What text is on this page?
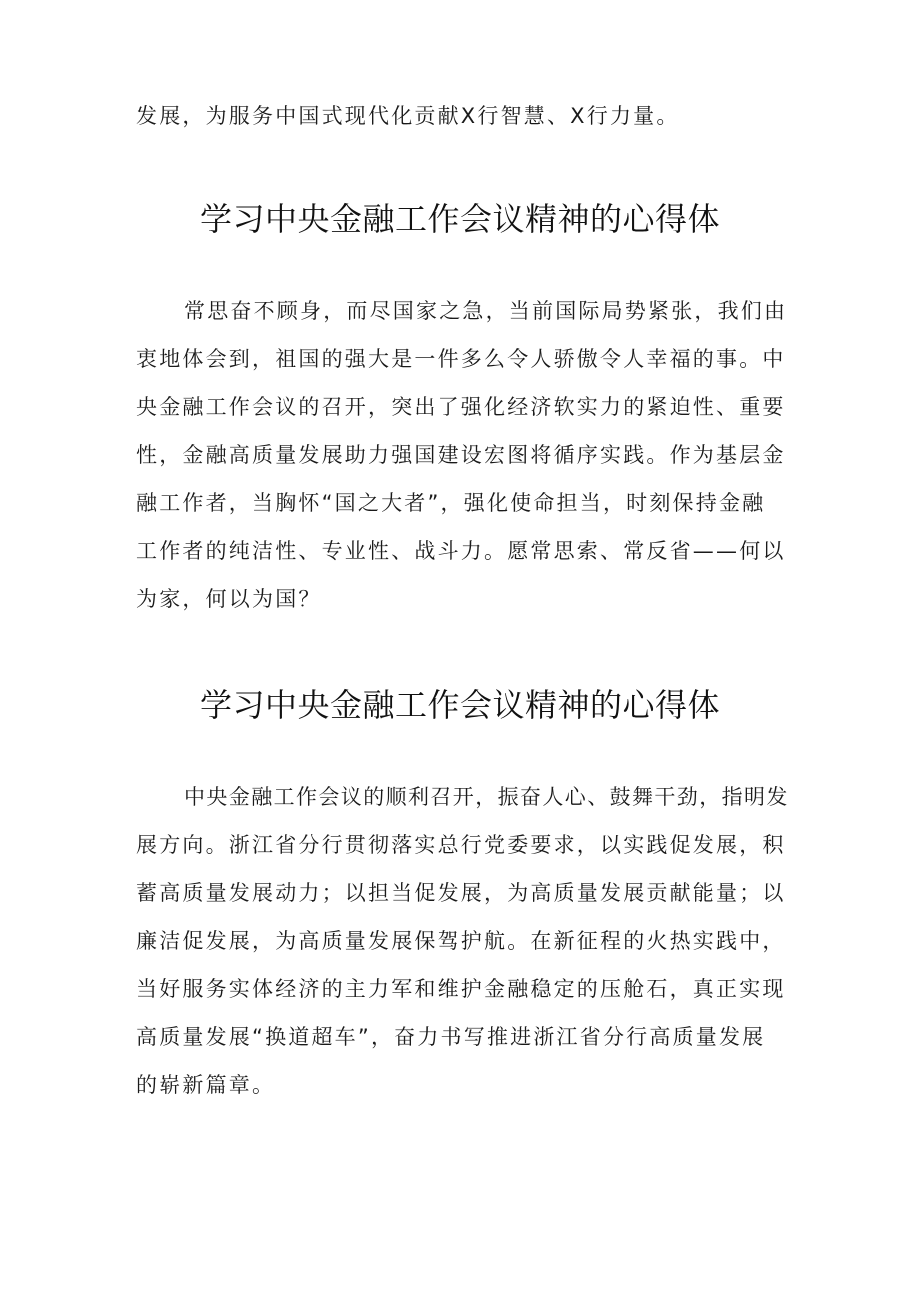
发展，为服务中国式现代化贡献X行智慧、X行力量。
学习中央金融工作会议精神的心得体
常思奋不顾身，而尽国家之急，当前国际局势紧张，我们由
衷地体会到，祖国的强大是一件多么令人骄傲令人幸福的事。中
央金融工作会议的召开，突出了强化经济软实力的紧迫性、重要
性，金融高质量发展助力强国建设宏图将循序实践。作为基层金
融工作者，当胸怀“国之大者”，强化使命担当，时刻保持金融
工作者的纯洁性、专业性、战斗力。愿常思索、常反省——何以
为家，何以为国？
学习中央金融工作会议精神的心得体
中央金融工作会议的顺利召开，振奋人心、鼓舞干劲，指明发
展方向。浙江省分行贯彻落实总行党委要求，以实践促发展，积
蓄高质量发展动力；以担当促发展，为高质量发展贡献能量；以
廉洁促发展，为高质量发展保驾护航。在新征程的火热实践中，
当好服务实体经济的主力军和维护金融稳定的压舱石，真正实现
高质量发展“换道超车”，奋力书写推进浙江省分行高质量发展
的崭新篇章。
